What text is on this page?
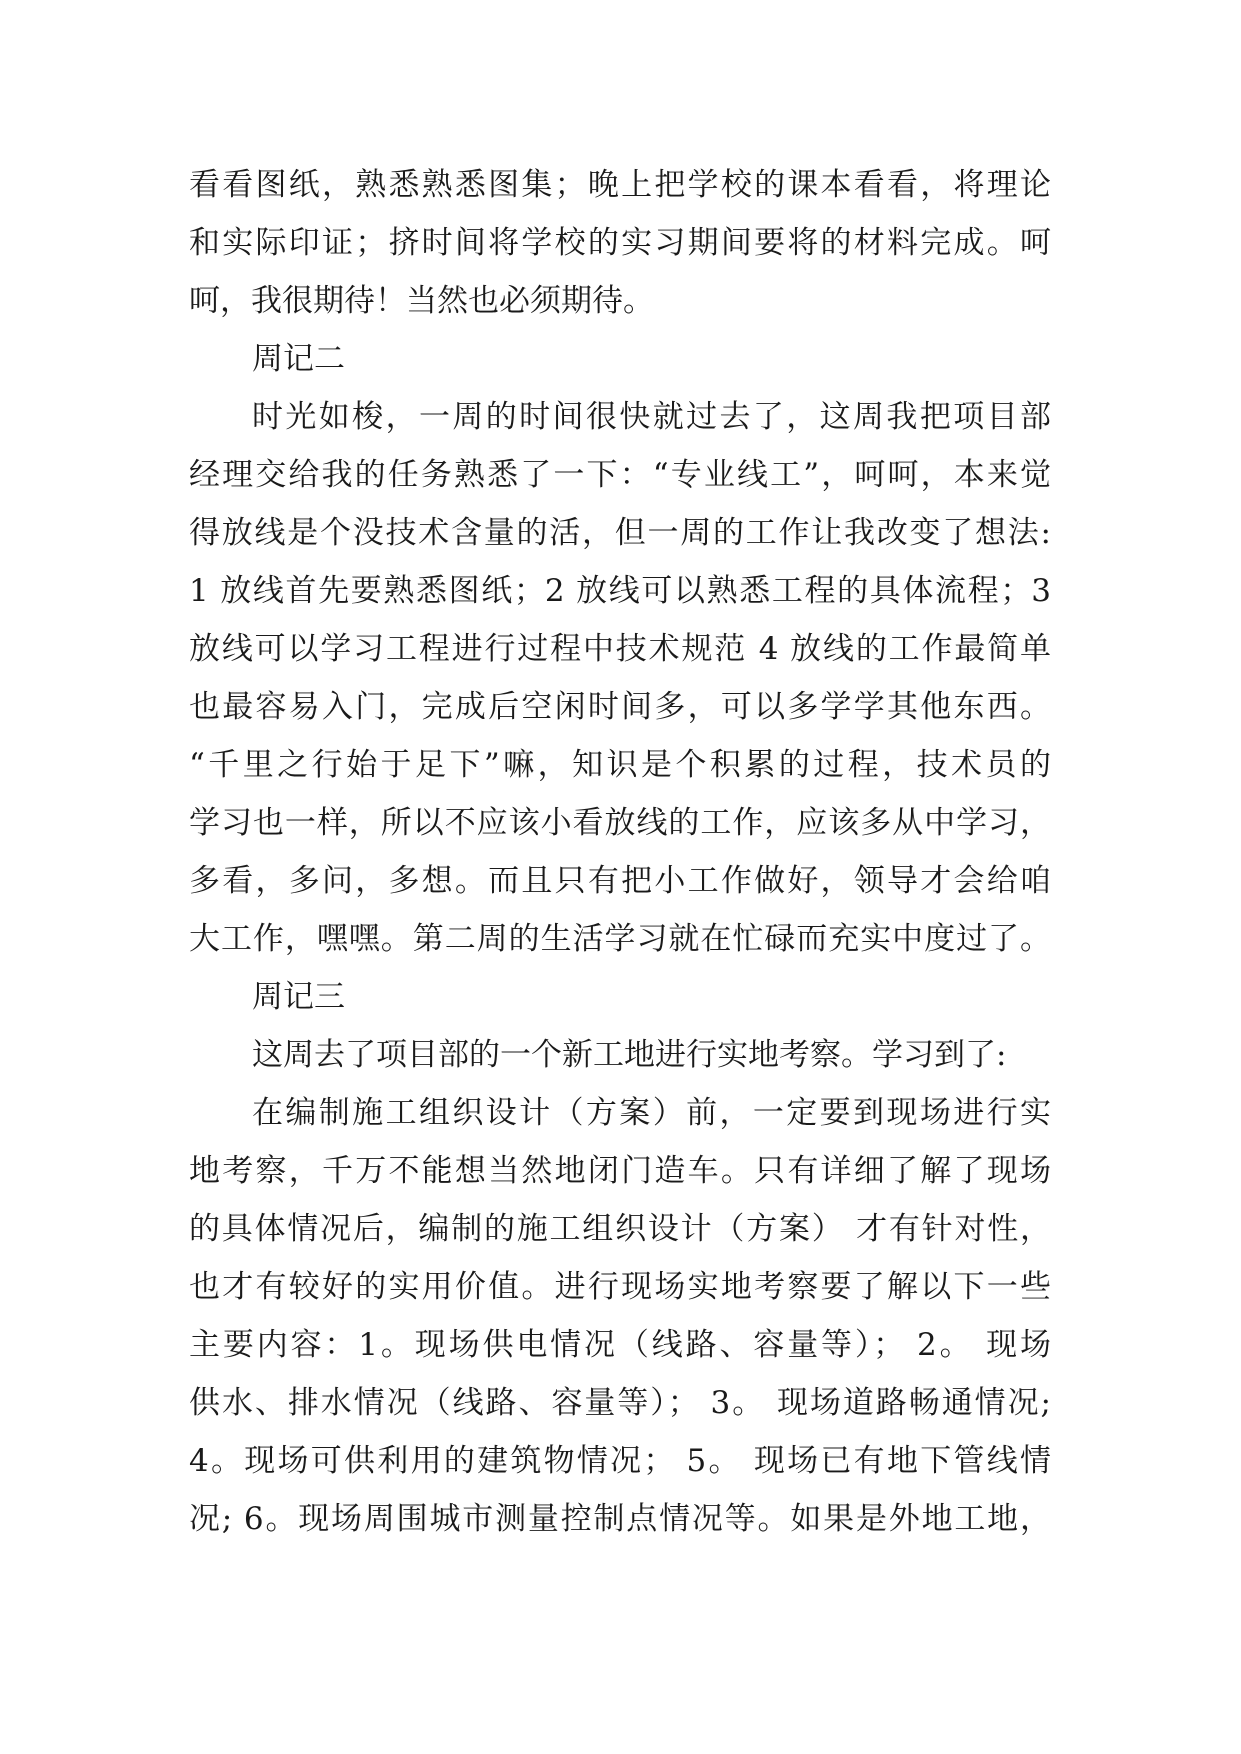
看看图纸，熟悉熟悉图集；晚上把学校的课本看看，将理论
和实际印证；挤时间将学校的实习期间要将的材料完成。呵
呵，我很期待！当然也必须期待。
周记二
时光如梭，一周的时间很快就过去了，这周我把项目部
经理交给我的任务熟悉了一下：“专业线工”，呵呵，本来觉
得放线是个没技术含量的活，但一周的工作让我改变了想法:
1 放线首先要熟悉图纸；2 放线可以熟悉工程的具体流程；3
放线可以学习工程进行过程中技术规范 4 放线的工作最简单
也最容易入门，完成后空闲时间多，可以多学学其他东西。
“千里之行始于足下”嘛，知识是个积累的过程，技术员的
学习也一样，所以不应该小看放线的工作，应该多从中学习，
多看，多问，多想。而且只有把小工作做好，领导才会给咱
大工作，嘿嘿。第二周的生活学习就在忙碌而充实中度过了。
周记三
这周去了项目部的一个新工地进行实地考察。学习到了:
在编制施工组织设计（方案）前，一定要到现场进行实
地考察，千万不能想当然地闭门造车。只有详细了解了现场
的具体情况后，编制的施工组织设计（方案） 才有针对性，
也才有较好的实用价值。进行现场实地考察要了解以下一些
主要内容：1。现场供电情况（线路、容量等）； 2。 现场
供水、排水情况（线路、容量等）； 3。 现场道路畅通情况;
4。现场可供利用的建筑物情况； 5。 现场已有地下管线情
况; 6。现场周围城市测量控制点情况等。如果是外地工地，
